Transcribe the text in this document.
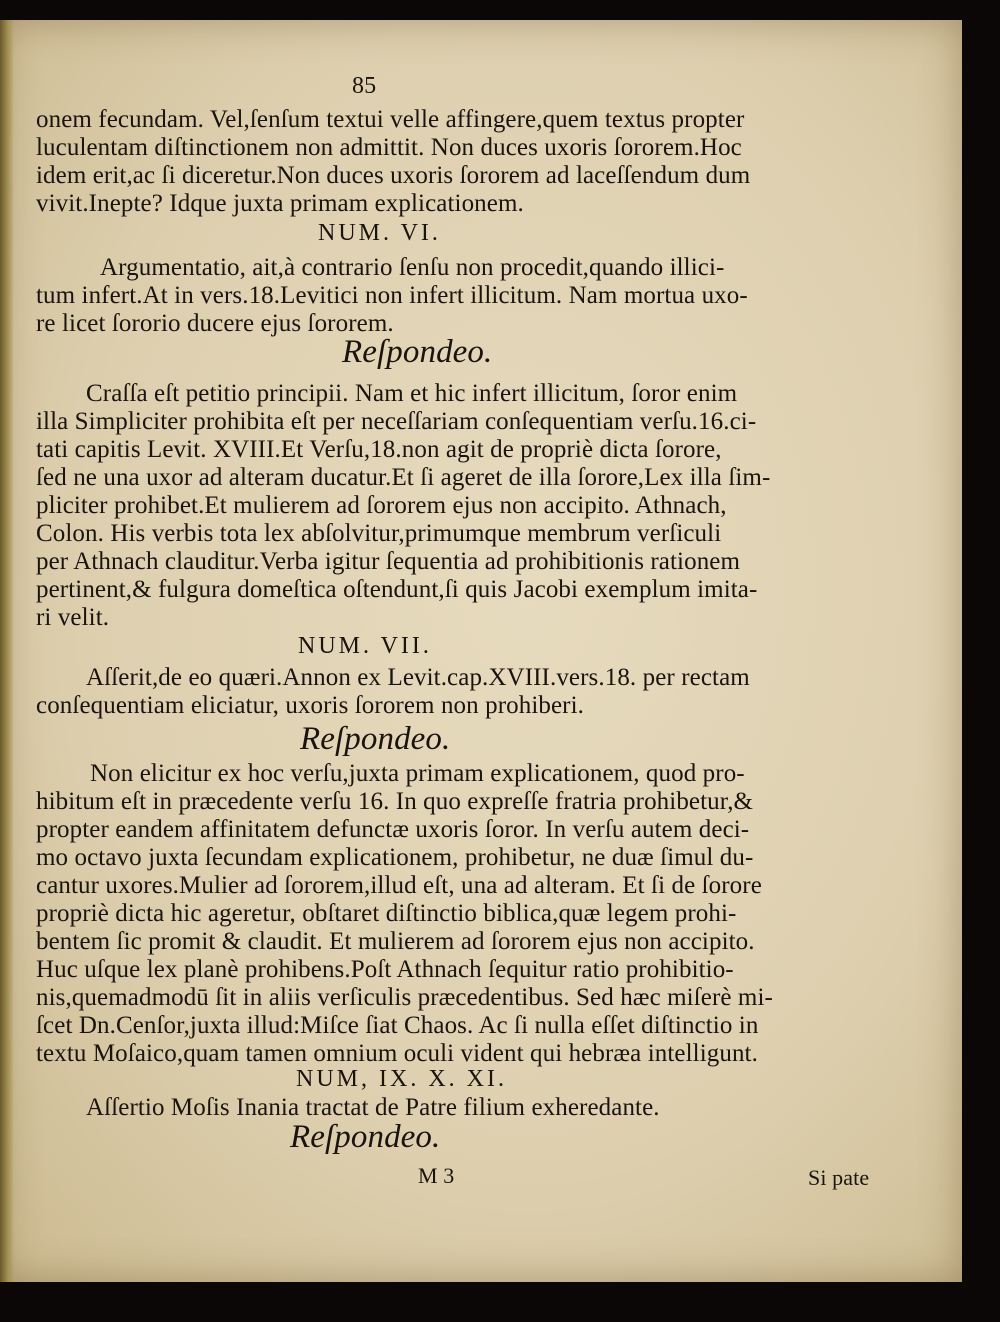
85
onem fecundam. Vel,ſenſum textui velle affingere,quem textus propter
luculentam diſtinctionem non admittit. Non duces uxoris ſororem.Hoc
idem erit,ac ſi diceretur.Non duces uxoris ſororem ad laceſſendum dum
vivit.Inepte? Idque juxta primam explicationem.
NUM. VI.
Argumentatio, ait,à contrario ſenſu non procedit,quando illici-
tum infert.At in vers.18.Levitici non infert illicitum. Nam mortua uxo-
re licet ſororio ducere ejus ſororem.
Reſpondeo.
Craſſa eſt petitio principii. Nam et hic infert illicitum, ſoror enim
illa Simpliciter prohibita eſt per neceſſariam conſequentiam verſu.16.ci-
tati capitis Levit. XVIII.Et Verſu,18.non agit de propriè dicta ſorore,
ſed ne una uxor ad alteram ducatur.Et ſi ageret de illa ſorore,Lex illa ſim-
pliciter prohibet.Et mulierem ad ſororem ejus non accipito. Athnach,
Colon. His verbis tota lex abſolvitur,primumque membrum verſiculi
per Athnach clauditur.Verba igitur ſequentia ad prohibitionis rationem
pertinent,& fulgura domeſtica oſtendunt,ſi quis Jacobi exemplum imita-
ri velit.
NUM. VII.
Aſſerit,de eo quæri.Annon ex Levit.cap.XVIII.vers.18. per rectam
conſequentiam eliciatur, uxoris ſororem non prohiberi.
Reſpondeo.
Non elicitur ex hoc verſu,juxta primam explicationem, quod pro-
hibitum eſt in præcedente verſu 16. In quo expreſſe fratria prohibetur,&
propter eandem affinitatem defunctæ uxoris ſoror. In verſu autem deci-
mo octavo juxta ſecundam explicationem, prohibetur, ne duæ ſimul du-
cantur uxores.Mulier ad ſororem,illud eſt, una ad alteram. Et ſi de ſorore
propriè dicta hic ageretur, obſtaret diſtinctio biblica,quæ legem prohi-
bentem ſic promit & claudit. Et mulierem ad ſororem ejus non accipito.
Huc uſque lex planè prohibens.Poſt Athnach ſequitur ratio prohibitio-
nis,quemadmodū ſit in aliis verſiculis præcedentibus. Sed hæc miſerè mi-
ſcet Dn.Cenſor,juxta illud:Miſce ſiat Chaos. Ac ſi nulla eſſet diſtinctio in
textu Moſaico,quam tamen omnium oculi vident qui hebræa intelligunt.
NUM, IX. X. XI.
Aſſertio Moſis Inania tractat de Patre filium exheredante.
Reſpondeo.
M 3	Si pate
